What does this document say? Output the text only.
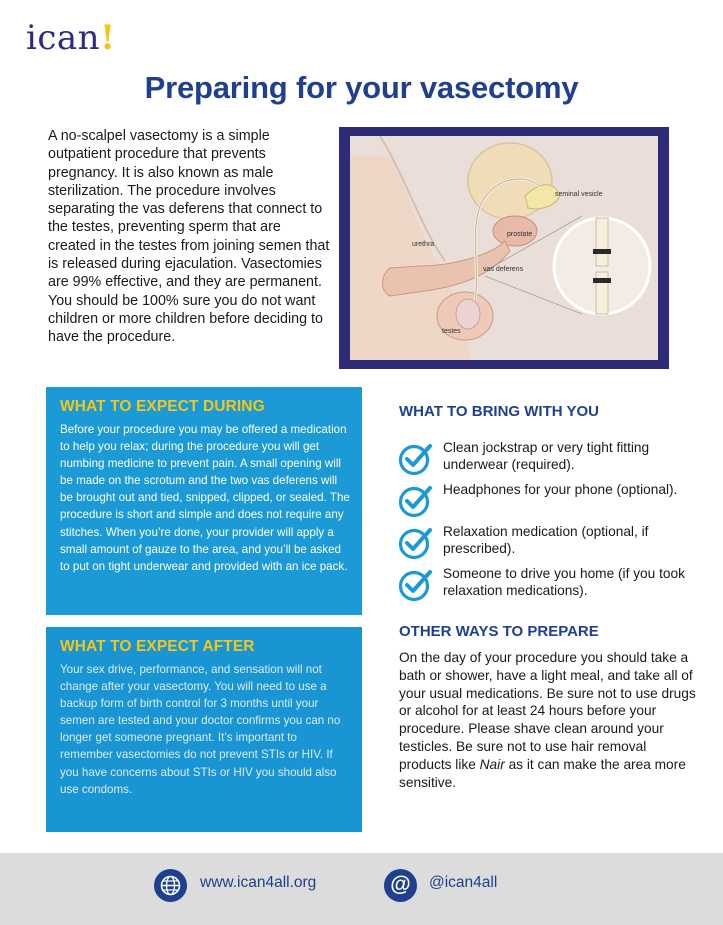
ican!
Preparing for your vasectomy

A no-scalpel vasectomy is a simple outpatient procedure that prevents pregnancy. It is also known as male sterilization. The procedure involves separating the vas deferens that connect to the testes, preventing sperm that are created in the testes from joining semen that is released during ejaculation. Vasectomies are 99% effective, and they are permanent. You should be 100% sure you do not want children or more children before deciding to have the procedure.

seminal vesicle
prostate
urethra
vas deferens
testes
WHAT TO EXPECT DURING

Before your procedure you may be offered a medication to help you relax; during the procedure you will get numbing medicine to prevent pain. A small opening will be made on the scrotum and the two vas deferens will be brought out and tied, snipped, clipped, or sealed. The procedure is short and simple and does not require any stitches. When you’re done, your provider will apply a small amount of gauze to the area, and you’ll be asked to put on tight underwear and provided with an ice pack.

WHAT TO EXPECT AFTER

Your sex drive, performance, and sensation will not change after your vasectomy. You will need to use a backup form of birth control for 3 months until your semen are tested and your doctor confirms you can no longer get someone pregnant. It’s important to remember vasectomies do not prevent STIs or HIV. If you have concerns about STIs or HIV you should also use condoms.

WHAT TO BRING WITH YOU
Clean jockstrap or very tight fitting underwear (required).
Headphones for your phone (optional).
Relaxation medication (optional, if prescribed).
Someone to drive you home (if you took relaxation medications).
OTHER WAYS TO PREPARE

On the day of your procedure you should take a bath or shower, have a light meal, and take all of your usual medications. Be sure not to use drugs or alcohol for at least 24 hours before your procedure. Please shave clean around your testicles. Be sure not to use hair removal products like Nair as it can make the area more sensitive.

www.ican4all.org	@	@ican4all
